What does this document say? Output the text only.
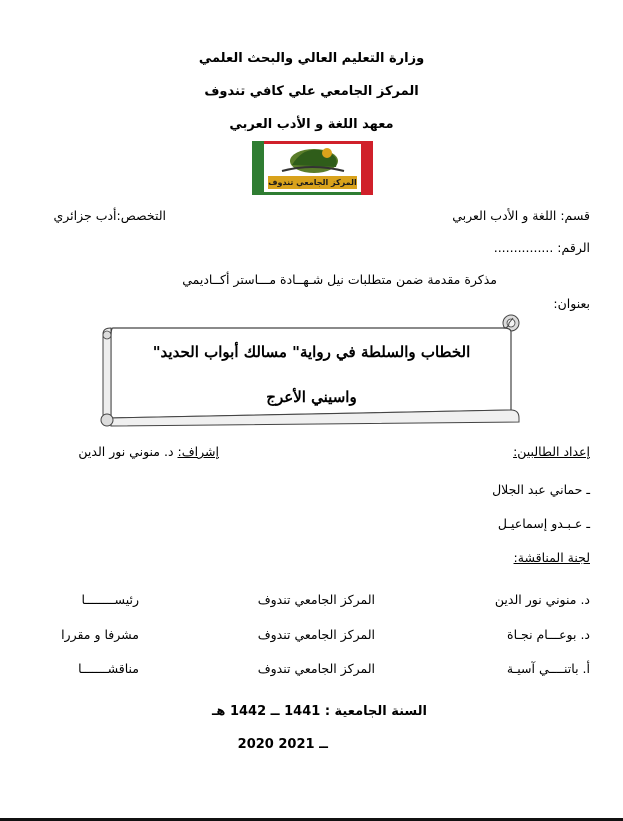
وزارة التعليم العالي والبحث العلمي
المركز الجامعي علي كافي تندوف
معهد اللغة و الأدب العربي
المركز الجامعي تندوف
قسم: اللغة و الأدب العربي
التخصص:أدب جزائري
الرقم: ...............
مذكرة مقدمة ضمن متطلبات نيل شـهــادة مـــاستر أكــاديمي
بعنوان:
الخطاب والسلطة في رواية" مسالك أبواب الحديد"
واسيني الأعرج
إعداد الطالبين:
إشراف: د. منوني نور الدين
ـ حماني عبد الجلال
ـ عـبـدو إسماعيـل
لجنة المناقشة:
د. منوني نور الدين
المركز الجامعي تندوف
رئيســــــــا
د. بوعـــام نجـاة
المركز الجامعي تندوف
مشرفا و مقررا
أ. باتنــــي آسيـة
المركز الجامعي تندوف
مناقشـــــــا
السنة الجامعية : 1441 ــ 1442 هـ
2020 ــ 2021
